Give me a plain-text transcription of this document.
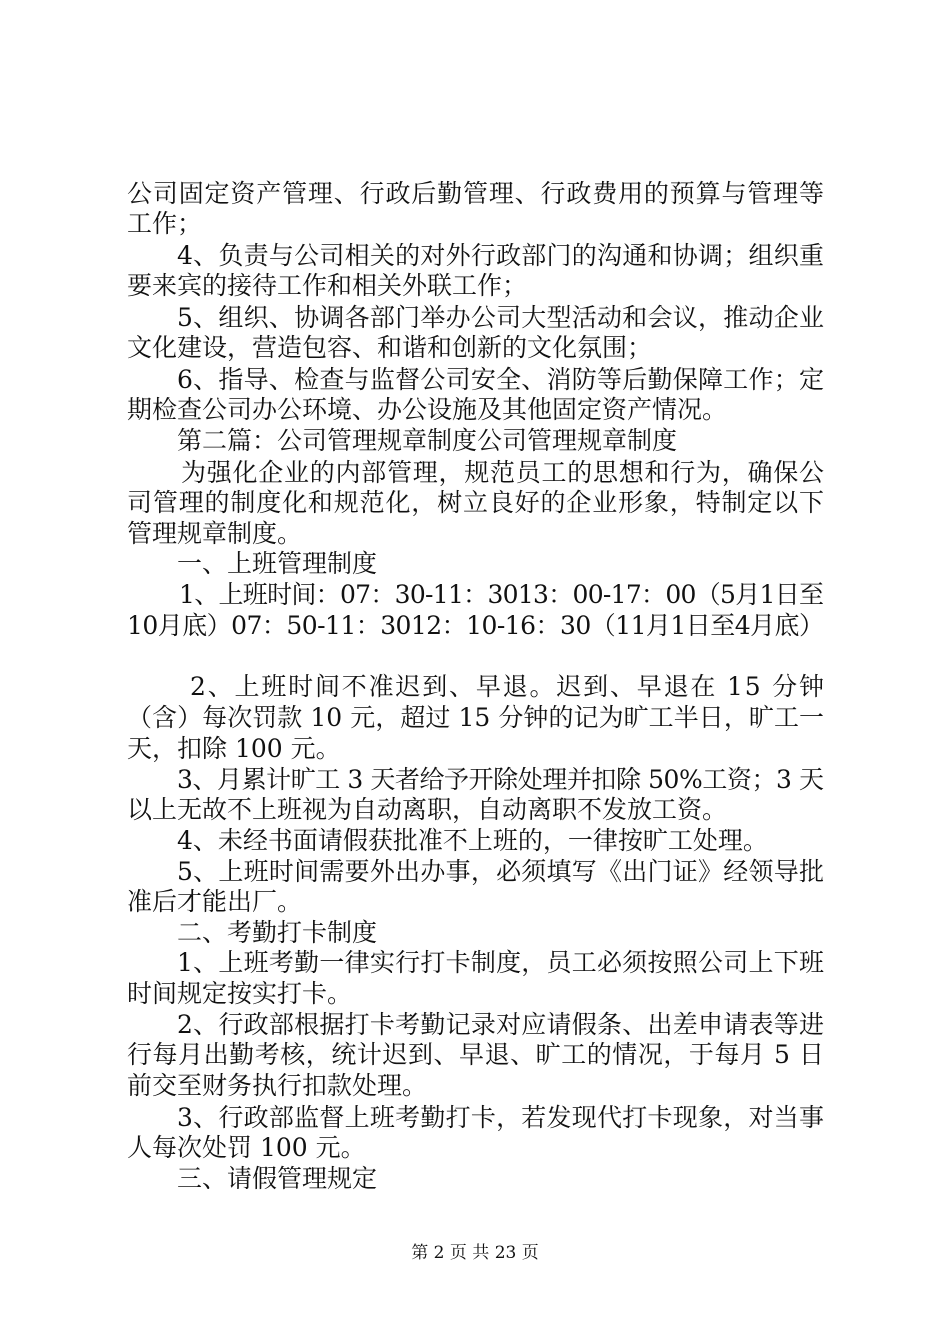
公司固定资产管理、行政后勤管理、行政费用的预算与管理等
工作；
4、负责与公司相关的对外行政部门的沟通和协调；组织重
要来宾的接待工作和相关外联工作；
5、组织、协调各部门举办公司大型活动和会议，推动企业
文化建设，营造包容、和谐和创新的文化氛围；
6、指导、检查与监督公司安全、消防等后勤保障工作；定
期检查公司办公环境、办公设施及其他固定资产情况。
第二篇：公司管理规章制度公司管理规章制度
为强化企业的内部管理，规范员工的思想和行为，确保公
司管理的制度化和规范化，树立良好的企业形象，特制定以下
管理规章制度。
一、上班管理制度
1、上班时间：07：30-11：3013：00-17：00（5月1日至
10月底）07：50-11：3012：10-16：30（11月1日至4月底）
2、上班时间不准迟到、早退。迟到、早退在 15 分钟
（含）每次罚款 10 元，超过 15 分钟的记为旷工半日，旷工一
天，扣除 100 元。
3、月累计旷工 3 天者给予开除处理并扣除 50%工资；3 天
以上无故不上班视为自动离职，自动离职不发放工资。
4、未经书面请假获批准不上班的，一律按旷工处理。
5、上班时间需要外出办事，必须填写《出门证》经领导批
准后才能出厂。
二、考勤打卡制度
1、上班考勤一律实行打卡制度，员工必须按照公司上下班
时间规定按实打卡。
2、行政部根据打卡考勤记录对应请假条、出差申请表等进
行每月出勤考核，统计迟到、早退、旷工的情况，于每月 5 日
前交至财务执行扣款处理。
3、行政部监督上班考勤打卡，若发现代打卡现象，对当事
人每次处罚 100 元。
三、请假管理规定
第 2 页 共 23 页
